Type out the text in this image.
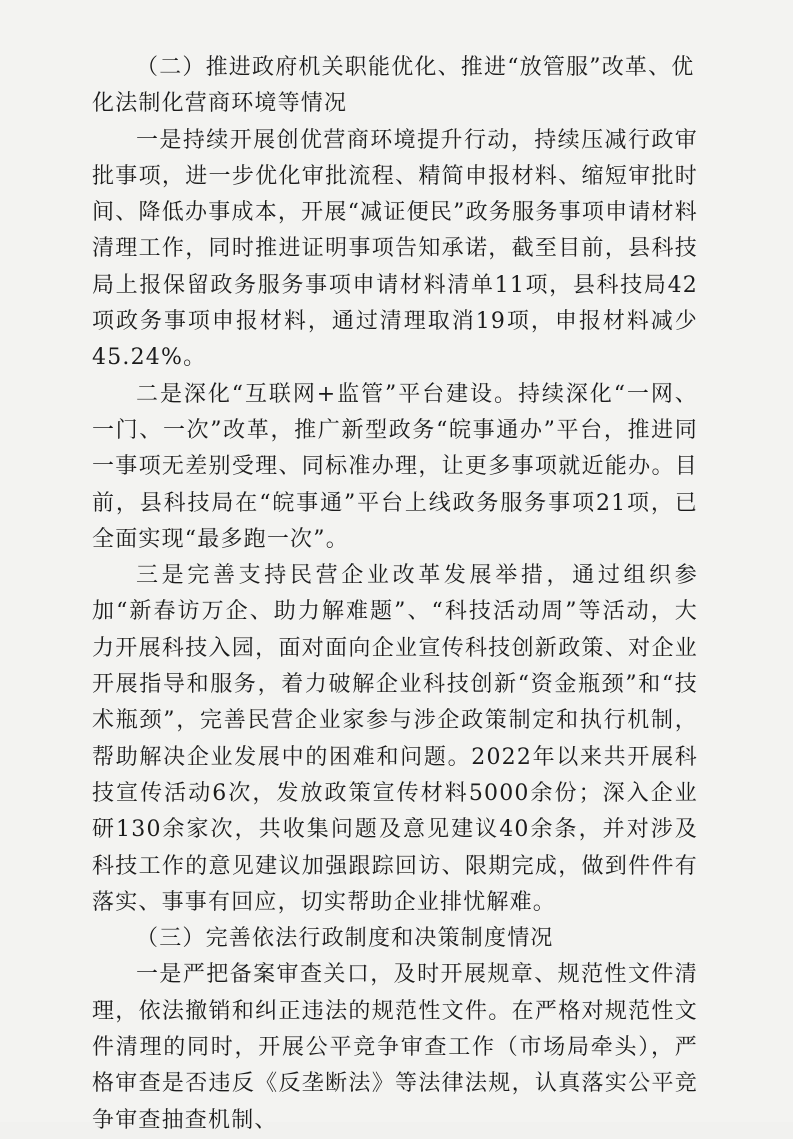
（二）推进政府机关职能优化、推进“放管服”改革、优化法制化营商环境等情况

一是持续开展创优营商环境提升行动，持续压减行政审批事项，进一步优化审批流程、精简申报材料、缩短审批时间、降低办事成本，开展“减证便民”政务服务事项申请材料清理工作，同时推进证明事项告知承诺，截至目前，县科技局上报保留政务服务事项申请材料清单11项，县科技局42项政务事项申报材料，通过清理取消19项，申报材料减少45.24%。

二是深化“互联网+监管”平台建设。持续深化“一网、一门、一次”改革，推广新型政务“皖事通办”平台，推进同一事项无差别受理、同标准办理，让更多事项就近能办。目前，县科技局在“皖事通”平台上线政务服务事项21项，已全面实现“最多跑一次”。

三是完善支持民营企业改革发展举措，通过组织参加“新春访万企、助力解难题”、“科技活动周”等活动，大力开展科技入园，面对面向企业宣传科技创新政策、对企业开展指导和服务，着力破解企业科技创新“资金瓶颈”和“技术瓶颈”，完善民营企业家参与涉企政策制定和执行机制，帮助解决企业发展中的困难和问题。2022年以来共开展科技宣传活动6次，发放政策宣传材料5000余份；深入企业研130余家次，共收集问题及意见建议40余条，并对涉及科技工作的意见建议加强跟踪回访、限期完成，做到件件有落实、事事有回应，切实帮助企业排忧解难。

（三）完善依法行政制度和决策制度情况

一是严把备案审查关口，及时开展规章、规范性文件清理，依法撤销和纠正违法的规范性文件。在严格对规范性文件清理的同时，开展公平竞争审查工作（市场局牵头），严格审查是否违反《反垄断法》等法律法规，认真落实公平竞争审查抽查机制、
